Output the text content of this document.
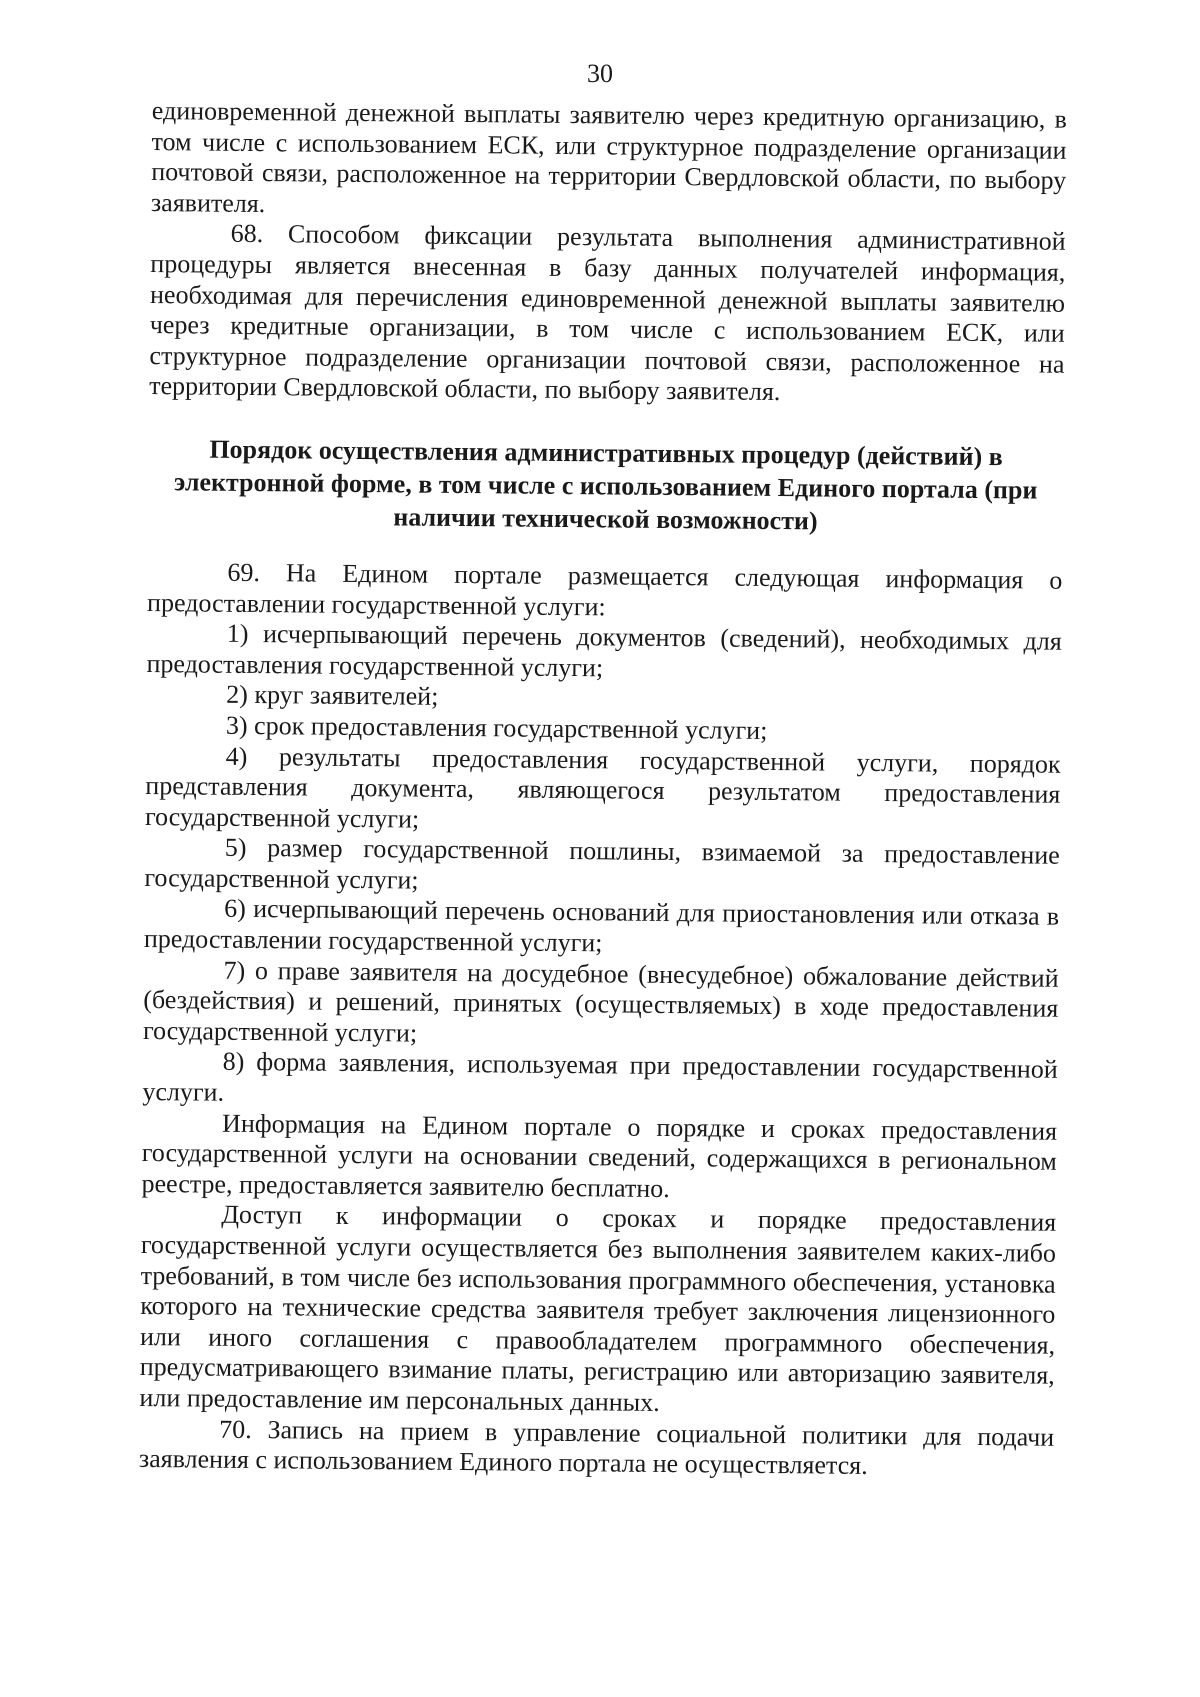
30

единовременной денежной выплаты заявителю через кредитную организацию, в том числе с использованием ЕСК, или структурное подразделение организации почтовой связи, расположенное на территории Свердловской области, по выбору заявителя.

68. Способом фиксации результата выполнения административной процедуры является внесенная в базу данных получателей информация, необходимая для перечисления единовременной денежной выплаты заявителю через кредитные организации, в том числе с использованием ЕСК, или структурное подразделение организации почтовой связи, расположенное на территории Свердловской области, по выбору заявителя.

Порядок осуществления административных процедур (действий) в электронной форме, в том числе с использованием Единого портала (при наличии технической возможности)

69. На Едином портале размещается следующая информация о предоставлении государственной услуги:

1) исчерпывающий перечень документов (сведений), необходимых для предоставления государственной услуги;

2) круг заявителей;

3) срок предоставления государственной услуги;

4) результаты предоставления государственной услуги, порядок представления документа, являющегося результатом предоставления государственной услуги;

5) размер государственной пошлины, взимаемой за предоставление государственной услуги;

6) исчерпывающий перечень оснований для приостановления или отказа в предоставлении государственной услуги;

7) о праве заявителя на досудебное (внесудебное) обжалование действий (бездействия) и решений, принятых (осуществляемых) в ходе предоставления государственной услуги;

8) форма заявления, используемая при предоставлении государственной услуги.

Информация на Едином портале о порядке и сроках предоставления государственной услуги на основании сведений, содержащихся в региональном реестре, предоставляется заявителю бесплатно.

Доступ к информации о сроках и порядке предоставления государственной услуги осуществляется без выполнения заявителем каких-либо требований, в том числе без использования программного обеспечения, установка которого на технические средства заявителя требует заключения лицензионного или иного соглашения с правообладателем программного обеспечения, предусматривающего взимание платы, регистрацию или авторизацию заявителя, или предоставление им персональных данных.

70. Запись на прием в управление социальной политики для подачи заявления с использованием Единого портала не осуществляется.
